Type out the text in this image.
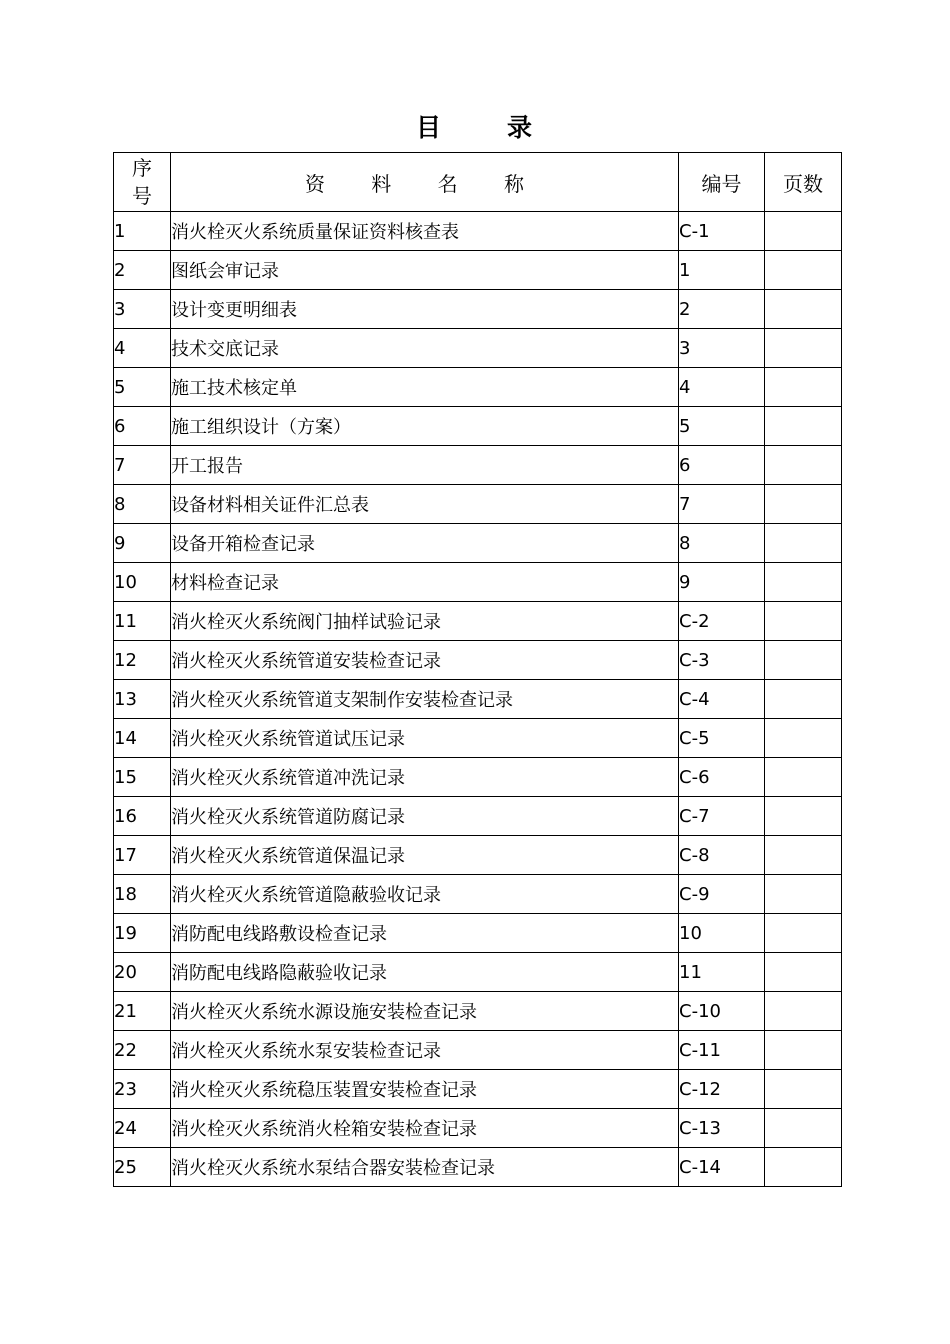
目	录
序
号	资 料 名 称	编号	页数
1	消火栓灭火系统质量保证资料核查表	C-1	
2	图纸会审记录	1	
3	设计变更明细表	2	
4	技术交底记录	3	
5	施工技术核定单	4	
6	施工组织设计（方案）	5	
7	开工报告	6	
8	设备材料相关证件汇总表	7	
9	设备开箱检查记录	8	
10	材料检查记录	9	
11	消火栓灭火系统阀门抽样试验记录	C-2	
12	消火栓灭火系统管道安装检查记录	C-3	
13	消火栓灭火系统管道支架制作安装检查记录	C-4	
14	消火栓灭火系统管道试压记录	C-5	
15	消火栓灭火系统管道冲洗记录	C-6	
16	消火栓灭火系统管道防腐记录	C-7	
17	消火栓灭火系统管道保温记录	C-8	
18	消火栓灭火系统管道隐蔽验收记录	C-9	
19	消防配电线路敷设检查记录	10	
20	消防配电线路隐蔽验收记录	11	
21	消火栓灭火系统水源设施安装检查记录	C-10	
22	消火栓灭火系统水泵安装检查记录	C-11	
23	消火栓灭火系统稳压装置安装检查记录	C-12	
24	消火栓灭火系统消火栓箱安装检查记录	C-13	
25	消火栓灭火系统水泵结合器安装检查记录	C-14	
